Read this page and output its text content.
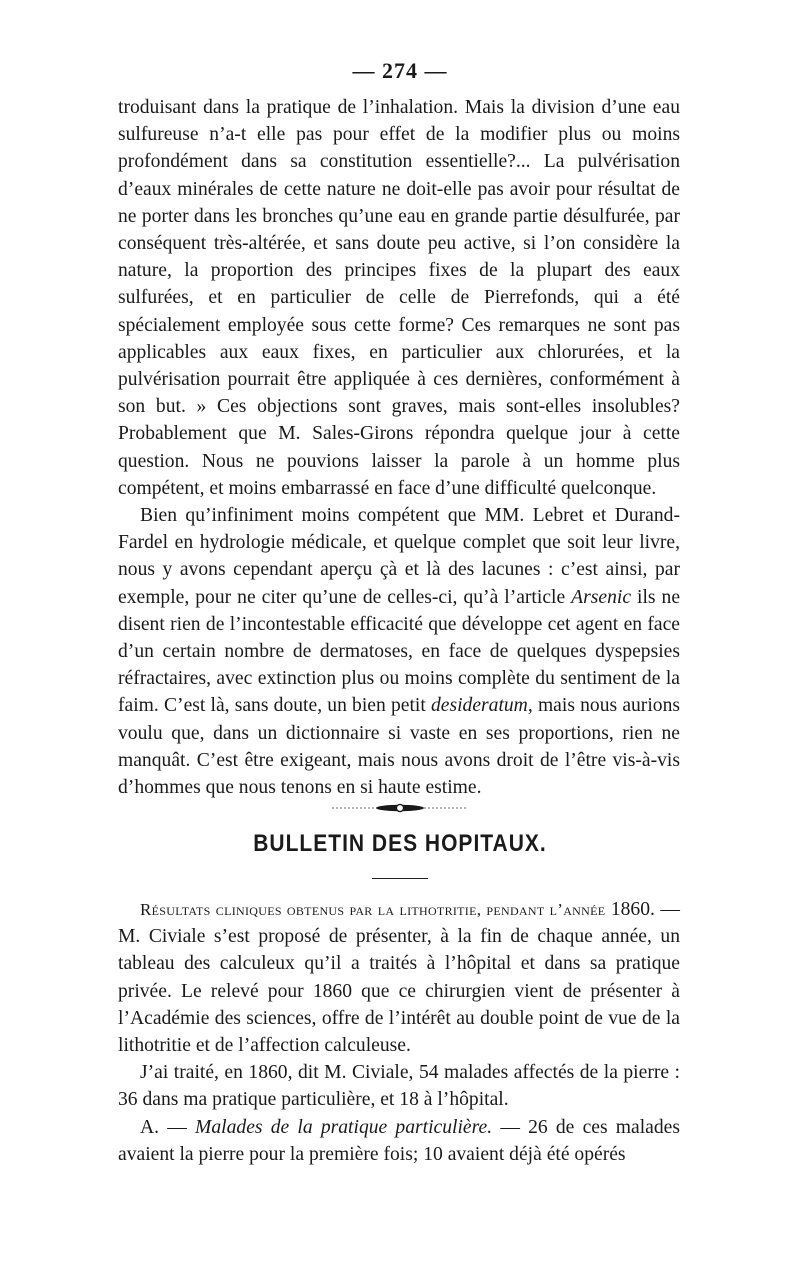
— 274 —

troduisant dans la pratique de l’inhalation. Mais la division d’une eau sulfureuse n’a-t elle pas pour effet de la modifier plus ou moins profondément dans sa constitution essentielle?... La pulvérisation d’eaux minérales de cette nature ne doit-elle pas avoir pour résultat de ne porter dans les bronches qu’une eau en grande partie désulfurée, par conséquent très-altérée, et sans doute peu active, si l’on considère la nature, la proportion des principes fixes de la plupart des eaux sulfurées, et en particulier de celle de Pierrefonds, qui a été spécialement employée sous cette forme? Ces remarques ne sont pas applicables aux eaux fixes, en particulier aux chlorurées, et la pulvérisation pourrait être appliquée à ces dernières, conformément à son but. » Ces objections sont graves, mais sont-elles insolubles? Probablement que M. Sales-Girons répondra quelque jour à cette question. Nous ne pouvions laisser la parole à un homme plus compétent, et moins embarrassé en face d’une difficulté quelconque.

Bien qu’infiniment moins compétent que MM. Lebret et Durand-Fardel en hydrologie médicale, et quelque complet que soit leur livre, nous y avons cependant aperçu çà et là des lacunes : c’est ainsi, par exemple, pour ne citer qu’une de celles-ci, qu’à l’article Arsenic ils ne disent rien de l’incontestable efficacité que développe cet agent en face d’un certain nombre de dermatoses, en face de quelques dyspepsies réfractaires, avec extinction plus ou moins complète du sentiment de la faim. C’est là, sans doute, un bien petit desideratum, mais nous aurions voulu que, dans un dictionnaire si vaste en ses proportions, rien ne manquât. C’est être exigeant, mais nous avons droit de l’être vis-à-vis d’hommes que nous tenons en si haute estime.

BULLETIN DES HOPITAUX.

Résultats cliniques obtenus par la lithotritie, pendant l’année 1860. — M. Civiale s’est proposé de présenter, à la fin de chaque année, un tableau des calculeux qu’il a traités à l’hôpital et dans sa pratique privée. Le relevé pour 1860 que ce chirurgien vient de présenter à l’Académie des sciences, offre de l’intérêt au double point de vue de la lithotritie et de l’affection calculeuse.

J’ai traité, en 1860, dit M. Civiale, 54 malades affectés de la pierre : 36 dans ma pratique particulière, et 18 à l’hôpital.

A. — Malades de la pratique particulière. — 26 de ces malades avaient la pierre pour la première fois; 10 avaient déjà été opérés
